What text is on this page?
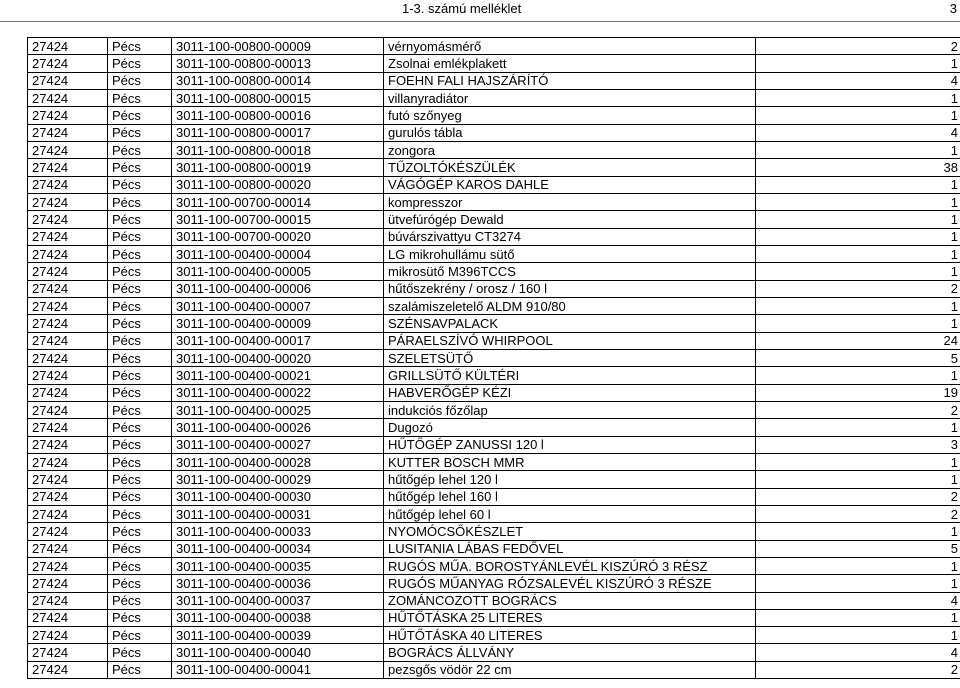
1-3. számú melléklet	3
27424	Pécs	3011-100-00800-00009	vérnyomásmérő	2
27424	Pécs	3011-100-00800-00013	Zsolnai emlékplakett	1
27424	Pécs	3011-100-00800-00014	FOEHN FALI HAJSZÁRÍTÓ	4
27424	Pécs	3011-100-00800-00015	villanyradiátor	1
27424	Pécs	3011-100-00800-00016	futó szőnyeg	1
27424	Pécs	3011-100-00800-00017	gurulós tábla	4
27424	Pécs	3011-100-00800-00018	zongora	1
27424	Pécs	3011-100-00800-00019	TŰZOLTÓKÉSZÜLÉK	38
27424	Pécs	3011-100-00800-00020	VÁGÓGÉP KAROS DAHLE	1
27424	Pécs	3011-100-00700-00014	kompresszor	1
27424	Pécs	3011-100-00700-00015	ütvefúrógép Dewald	1
27424	Pécs	3011-100-00700-00020	búvárszivattyu CT3274	1
27424	Pécs	3011-100-00400-00004	LG mikrohullámu sütő	1
27424	Pécs	3011-100-00400-00005	mikrosütő M396TCCS	1
27424	Pécs	3011-100-00400-00006	hűtőszekrény / orosz / 160 l	2
27424	Pécs	3011-100-00400-00007	szalámiszeletelő ALDM 910/80	1
27424	Pécs	3011-100-00400-00009	SZÉNSAVPALACK	1
27424	Pécs	3011-100-00400-00017	PÁRAELSZÍVÓ WHIRPOOL	24
27424	Pécs	3011-100-00400-00020	SZELETSÜTŐ	5
27424	Pécs	3011-100-00400-00021	GRILLSÜTŐ KÜLTÉRI	1
27424	Pécs	3011-100-00400-00022	HABVERŐGÉP KÉZI	19
27424	Pécs	3011-100-00400-00025	indukciós főzőlap	2
27424	Pécs	3011-100-00400-00026	Dugozó	1
27424	Pécs	3011-100-00400-00027	HŰTŐGÉP ZANUSSI 120 l	3
27424	Pécs	3011-100-00400-00028	KUTTER BOSCH MMR	1
27424	Pécs	3011-100-00400-00029	hűtőgép lehel 120 l	1
27424	Pécs	3011-100-00400-00030	hűtőgép lehel 160 l	2
27424	Pécs	3011-100-00400-00031	hűtőgép lehel 60 l	2
27424	Pécs	3011-100-00400-00033	NYOMÓCSŐKÉSZLET	1
27424	Pécs	3011-100-00400-00034	LUSITANIA LÁBAS FEDŐVEL	5
27424	Pécs	3011-100-00400-00035	RUGÓS MŰA. BOROSTYÁNLEVÉL KISZÚRÓ 3 RÉSZ	1
27424	Pécs	3011-100-00400-00036	RUGÓS MŰANYAG RÓZSALEVÉL KISZÚRÓ 3 RÉSZE	1
27424	Pécs	3011-100-00400-00037	ZOMÁNCOZOTT BOGRÁCS	4
27424	Pécs	3011-100-00400-00038	HŰTŐTÁSKA 25 LITERES	1
27424	Pécs	3011-100-00400-00039	HŰTŐTÁSKA 40 LITERES	1
27424	Pécs	3011-100-00400-00040	BOGRÁCS ÁLLVÁNY	4
27424	Pécs	3011-100-00400-00041	pezsgős vödör 22 cm	2
